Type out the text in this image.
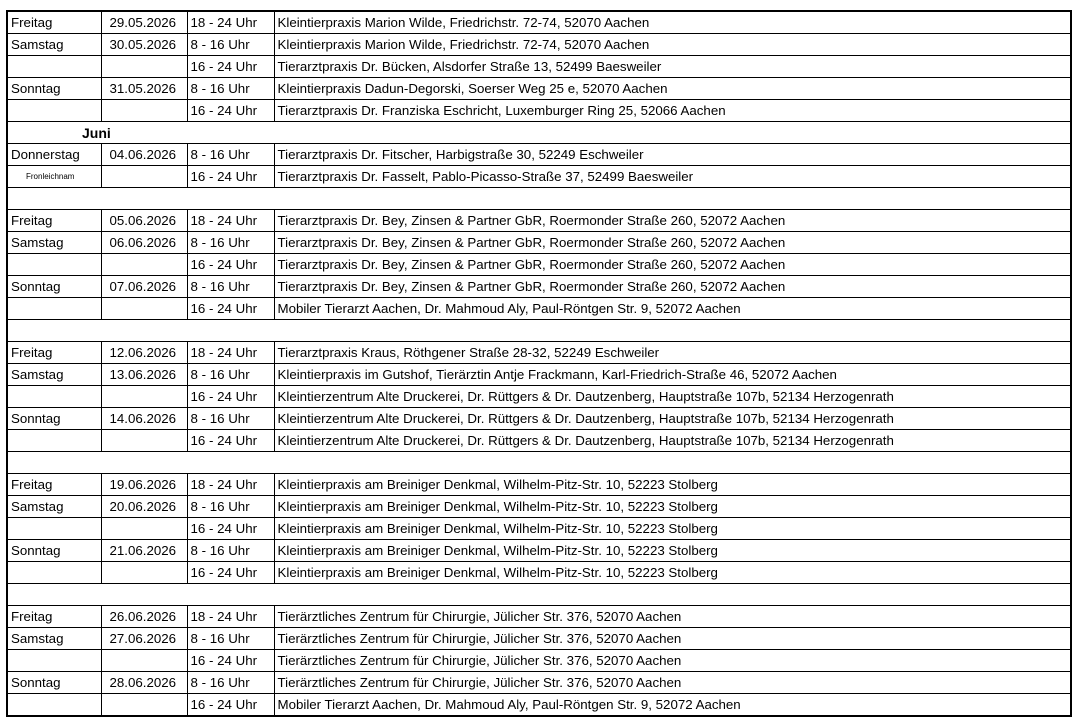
Freitag	29.05.2026	18 - 24 Uhr	Kleintierpraxis Marion Wilde, Friedrichstr. 72-74, 52070 Aachen
Samstag	30.05.2026	8 - 16 Uhr	Kleintierpraxis Marion Wilde, Friedrichstr. 72-74, 52070 Aachen
		16 - 24 Uhr	Tierarztpraxis Dr. Bücken, Alsdorfer Straße 13, 52499 Baesweiler
Sonntag	31.05.2026	8 - 16 Uhr	Kleintierpraxis Dadun-Degorski, Soerser Weg 25 e, 52070 Aachen
		16 - 24 Uhr	Tierarztpraxis Dr. Franziska Eschricht, Luxemburger Ring 25, 52066 Aachen
Juni			
Donnerstag	04.06.2026	8 - 16 Uhr	Tierarztpraxis Dr. Fitscher, Harbigstraße 30, 52249 Eschweiler
Fronleichnam		16 - 24 Uhr	Tierarztpraxis Dr. Fasselt, Pablo-Picasso-Straße 37, 52499 Baesweiler

Freitag	05.06.2026	18 - 24 Uhr	Tierarztpraxis Dr. Bey, Zinsen & Partner GbR, Roermonder Straße 260, 52072 Aachen
Samstag	06.06.2026	8 - 16 Uhr	Tierarztpraxis Dr. Bey, Zinsen & Partner GbR, Roermonder Straße 260, 52072 Aachen
		16 - 24 Uhr	Tierarztpraxis Dr. Bey, Zinsen & Partner GbR, Roermonder Straße 260, 52072 Aachen
Sonntag	07.06.2026	8 - 16 Uhr	Tierarztpraxis Dr. Bey, Zinsen & Partner GbR, Roermonder Straße 260, 52072 Aachen
		16 - 24 Uhr	Mobiler Tierarzt Aachen, Dr. Mahmoud Aly, Paul-Röntgen Str. 9, 52072 Aachen

Freitag	12.06.2026	18 - 24 Uhr	Tierarztpraxis Kraus, Röthgener Straße 28-32, 52249 Eschweiler
Samstag	13.06.2026	8 - 16 Uhr	Kleintierpraxis im Gutshof, Tierärztin Antje Frackmann, Karl-Friedrich-Straße 46, 52072 Aachen
		16 - 24 Uhr	Kleintierzentrum Alte Druckerei, Dr. Rüttgers & Dr. Dautzenberg, Hauptstraße 107b, 52134 Herzogenrath
Sonntag	14.06.2026	8 - 16 Uhr	Kleintierzentrum Alte Druckerei, Dr. Rüttgers & Dr. Dautzenberg, Hauptstraße 107b, 52134 Herzogenrath
		16 - 24 Uhr	Kleintierzentrum Alte Druckerei, Dr. Rüttgers & Dr. Dautzenberg, Hauptstraße 107b, 52134 Herzogenrath

Freitag	19.06.2026	18 - 24 Uhr	Kleintierpraxis am Breiniger Denkmal, Wilhelm-Pitz-Str. 10, 52223 Stolberg
Samstag	20.06.2026	8 - 16 Uhr	Kleintierpraxis am Breiniger Denkmal, Wilhelm-Pitz-Str. 10, 52223 Stolberg
		16 - 24 Uhr	Kleintierpraxis am Breiniger Denkmal, Wilhelm-Pitz-Str. 10, 52223 Stolberg
Sonntag	21.06.2026	8 - 16 Uhr	Kleintierpraxis am Breiniger Denkmal, Wilhelm-Pitz-Str. 10, 52223 Stolberg
		16 - 24 Uhr	Kleintierpraxis am Breiniger Denkmal, Wilhelm-Pitz-Str. 10, 52223 Stolberg

Freitag	26.06.2026	18 - 24 Uhr	Tierärztliches Zentrum für Chirurgie, Jülicher Str. 376, 52070 Aachen
Samstag	27.06.2026	8 - 16 Uhr	Tierärztliches Zentrum für Chirurgie, Jülicher Str. 376, 52070 Aachen
		16 - 24 Uhr	Tierärztliches Zentrum für Chirurgie, Jülicher Str. 376, 52070 Aachen
Sonntag	28.06.2026	8 - 16 Uhr	Tierärztliches Zentrum für Chirurgie, Jülicher Str. 376, 52070 Aachen
		16 - 24 Uhr	Mobiler Tierarzt Aachen, Dr. Mahmoud Aly, Paul-Röntgen Str. 9, 52072 Aachen
